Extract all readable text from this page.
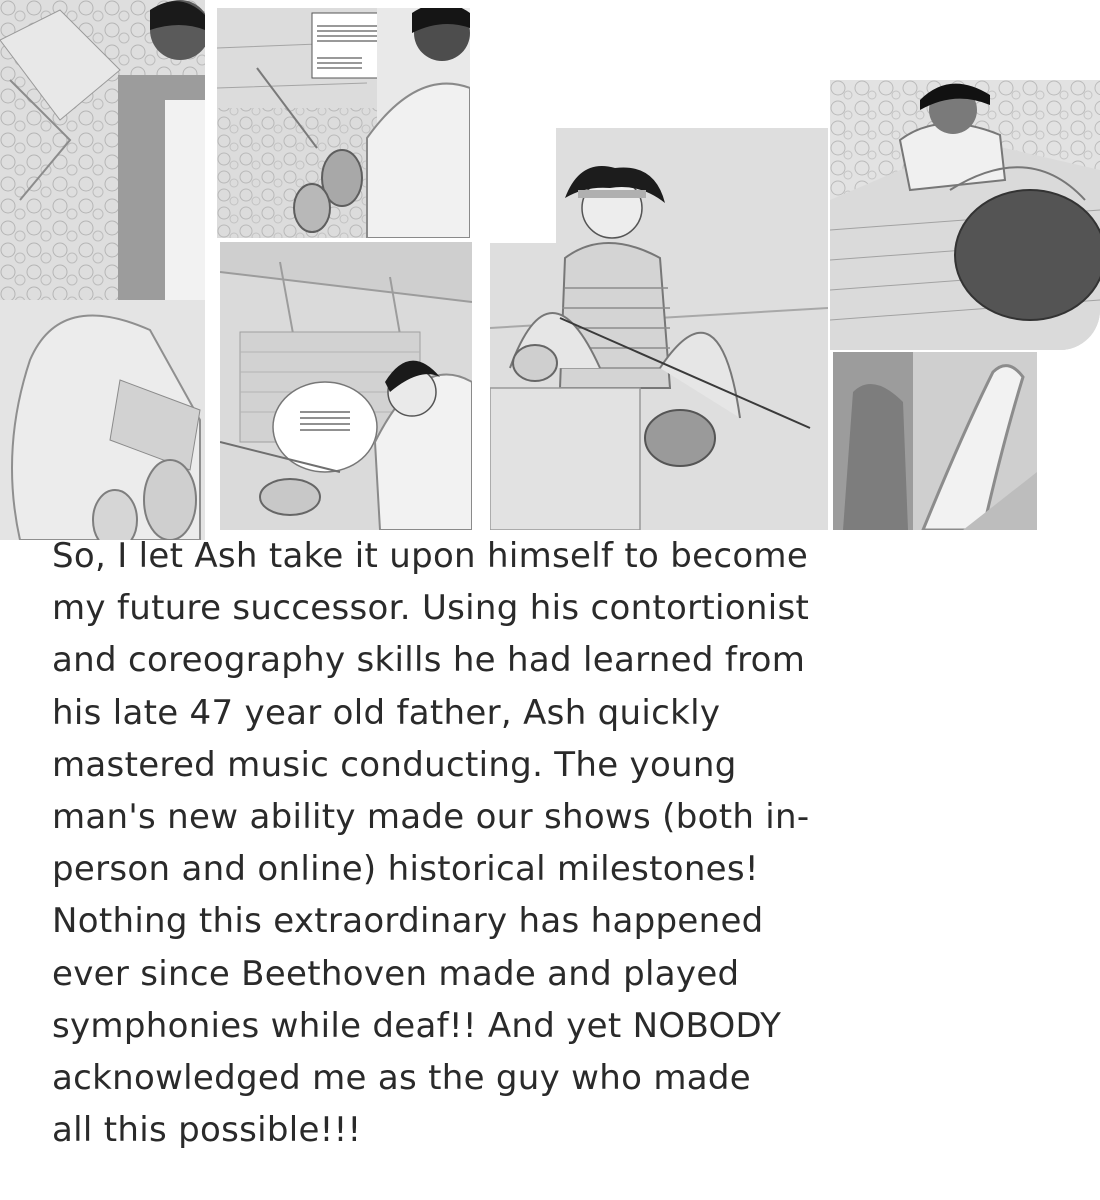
So, I let Ash take it upon himself to become
my future successor. Using his contortionist
and coreography skills he had learned from
his late 47 year old father, Ash quickly
mastered music conducting. The young
man's new ability made our shows (both in-
person and online) historical milestones!
Nothing this extraordinary has happened
ever since Beethoven made and played
symphonies while deaf!! And yet NOBODY
acknowledged me as the guy who made
all this possible!!!
